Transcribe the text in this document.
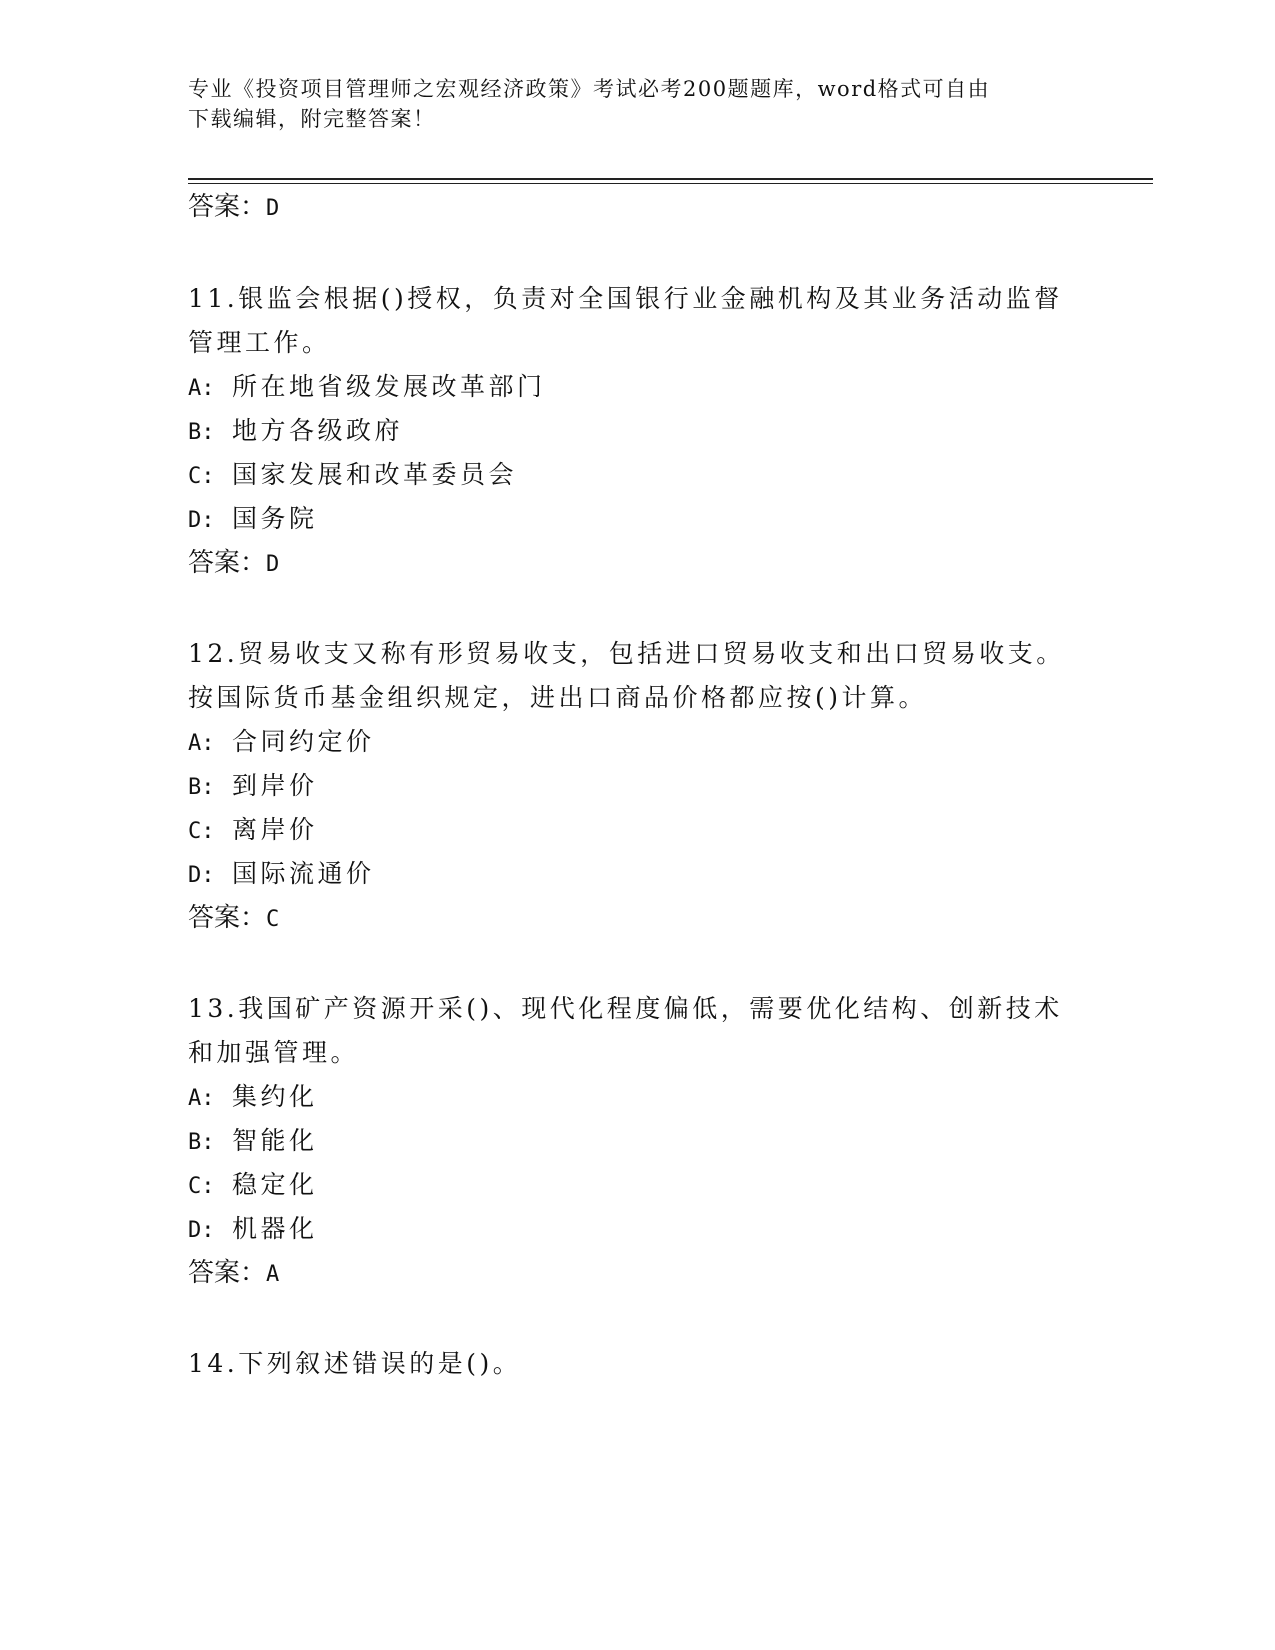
专业《投资项目管理师之宏观经济政策》考试必考200题题库，word格式可自由
下载编辑，附完整答案！
答案：D
11.银监会根据()授权，负责对全国银行业金融机构及其业务活动监督
管理工作。
A: 所在地省级发展改革部门
B: 地方各级政府
C: 国家发展和改革委员会
D: 国务院
答案：D
12.贸易收支又称有形贸易收支，包括进口贸易收支和出口贸易收支。
按国际货币基金组织规定，进出口商品价格都应按()计算。
A: 合同约定价
B: 到岸价
C: 离岸价
D: 国际流通价
答案：C
13.我国矿产资源开采()、现代化程度偏低，需要优化结构、创新技术
和加强管理。
A: 集约化
B: 智能化
C: 稳定化
D: 机器化
答案：A
14.下列叙述错误的是()。
